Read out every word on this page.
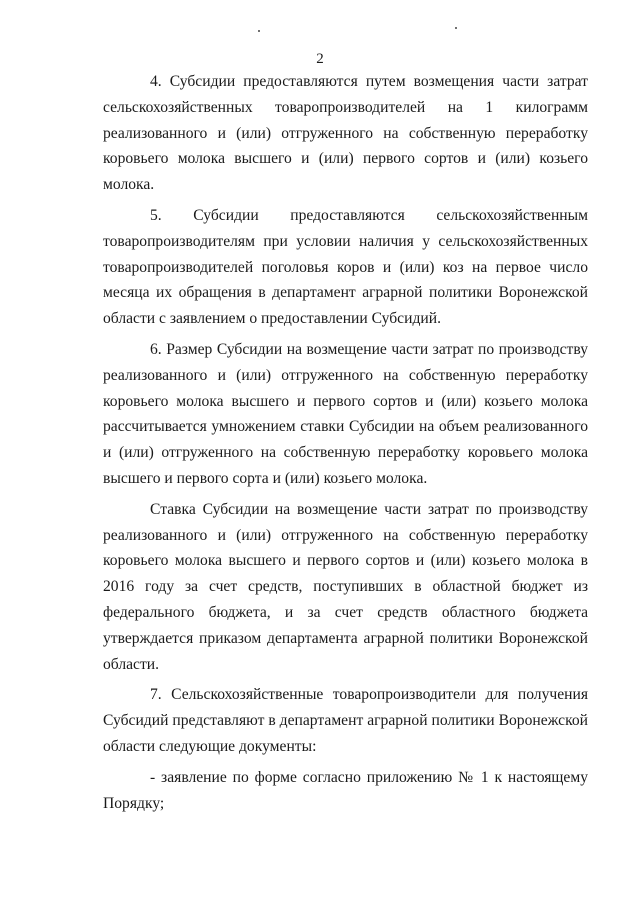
2

4. Субсидии предоставляются путем возмещения части затрат сельскохозяйственных товаропроизводителей на 1 килограмм реализованного и (или) отгруженного на собственную переработку коровьего молока высшего и (или) первого сортов и (или) козьего молока.

5. Субсидии предоставляются сельскохозяйственным товаропроизводителям при условии наличия у сельскохозяйственных товаропроизводителей поголовья коров и (или) коз на первое число месяца их обращения в департамент аграрной политики Воронежской области с заявлением о предоставлении Субсидий.

6. Размер Субсидии на возмещение части затрат по производству реализованного и (или) отгруженного на собственную переработку коровьего молока высшего и первого сортов и (или) козьего молока рассчитывается умножением ставки Субсидии на объем реализованного и (или) отгруженного на собственную переработку коровьего молока высшего и первого сорта и (или) козьего молока.

Ставка Субсидии на возмещение части затрат по производству реализованного и (или) отгруженного на собственную переработку коровьего молока высшего и первого сортов и (или) козьего молока в 2016 году за счет средств, поступивших в областной бюджет из федерального бюджета, и за счет средств областного бюджета утверждается приказом департамента аграрной политики Воронежской области.

7. Сельскохозяйственные товаропроизводители для получения Субсидий представляют в департамент аграрной политики Воронежской области следующие документы:

- заявление по форме согласно приложению № 1 к настоящему Порядку;
